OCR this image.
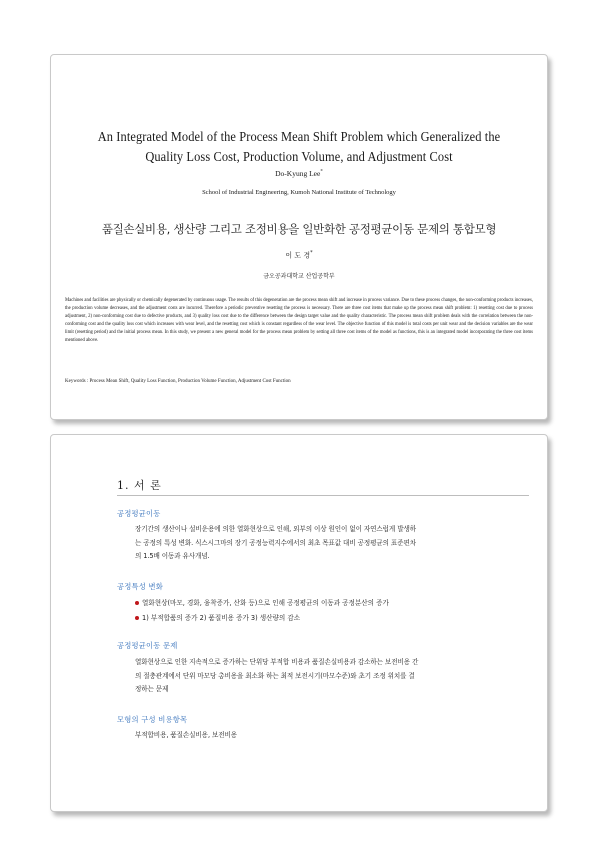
An Integrated Model of the Process Mean Shift Problem which Generalized the
Quality Loss Cost, Production Volume, and Adjustment Cost
Do-Kyung Lee*
School of Industrial Engineering, Kumoh National Institute of Technology
품질손실비용, 생산량 그리고 조정비용을 일반화한 공정평균이동 문제의 통합모형
이 도 경*
금오공과대학교 산업공학부
Machines and facilities are physically or chemically degenerated by continuous usage. The results of this degeneration are the process mean shift and increase in process variance. Due to these process changes, the non-conforming products increases, the production volume decreases, and the adjustment costs are incurred. Therefore a periodic preventive resetting the process is necessary. There are three cost items that make up the process mean shift problem: 1) resetting cost due to process adjustment, 2) non-conforming cost due to defective products, and 3) quality loss cost due to the difference between the design target value and the quality characteristic. The process mean shift problem deals with the correlation between the non-conforming cost and the quality loss cost which increases with wear level, and the resetting cost which is constant regardless of the wear level. The objective function of this model is total costs per unit wear and the decision variables are the wear limit (resetting period) and the initial process mean. In this study, we present a new general model for the process mean problem by setting all three cost items of the model as functions, this is an integrated model incorporating the three cost items mentioned above.
Keywords : Process Mean Shift, Quality Loss Function, Production Volume Function, Adjustment Cost Function
1. 서 론
공정평균이동
장기간의 생산이나 설비운용에 의한 열화현상으로 인해, 외부의 이상 원인이 없이 자연스럽게 발생하
는 공정의 특성 변화. 식스시그마의 장기 공정능력지수에서의 최초 목표값 대비 공정평균의 표준편차
의 1.5배 이동과 유사개념.
공정특성 변화
열화현상(마모, 경화, 융착증가, 산화 등)으로 인해 공정평균의 이동과 공정분산의 증가
1) 부적합품의 증가 2) 품질비용 증가 3) 생산량의 감소
공정평균이동 문제
열화현상으로 인한 지속적으로 증가하는 단위당 부적합 비용과 품질손실비용과 감소하는 보전비용 간
의 절충관계에서 단위 마모당 총비용을 최소화 하는 최적 보전시기(마모수준)와 초기 조정 위치를 결
정하는 문제
모형의 구성 비용항목
부적합비용, 품질손실비용, 보전비용
